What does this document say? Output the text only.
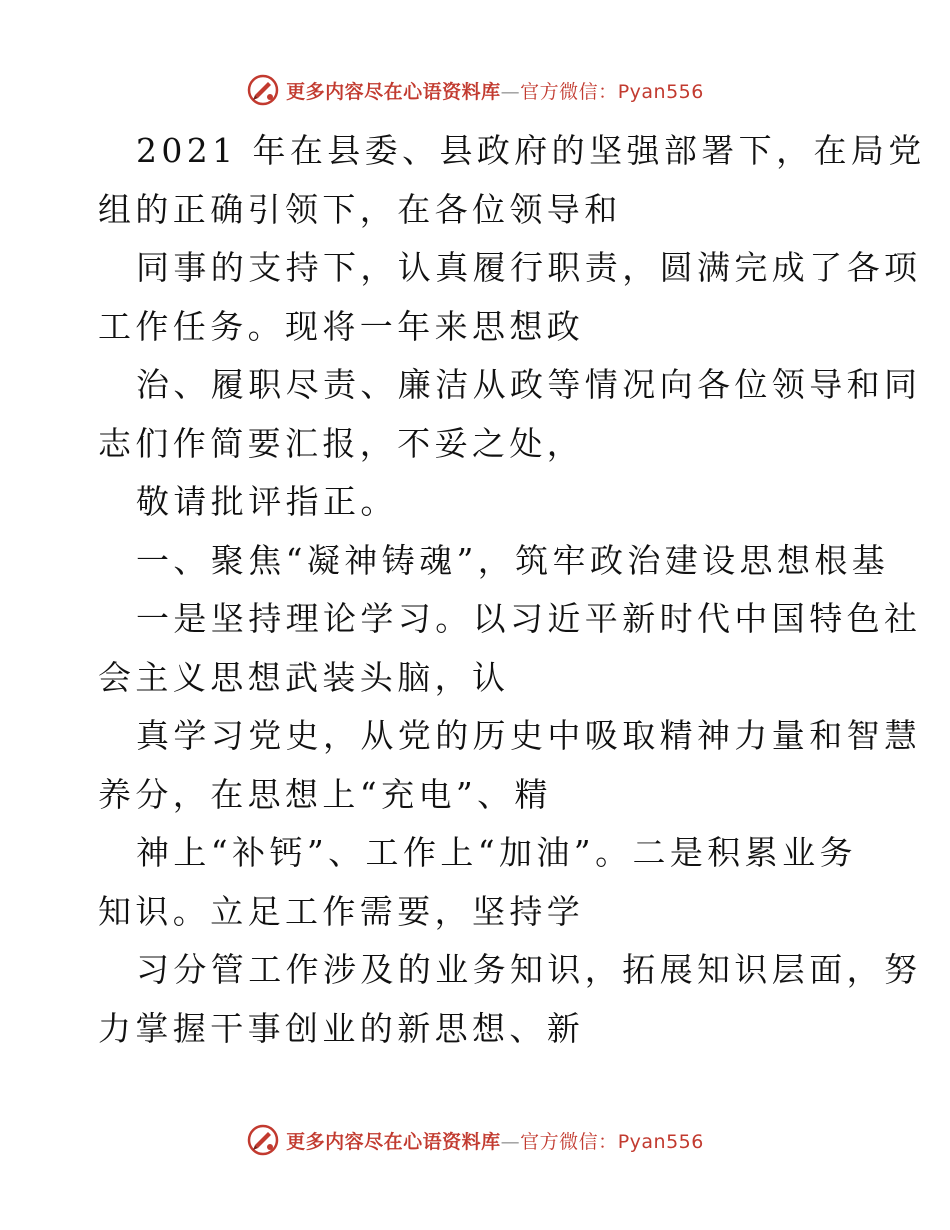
更多内容尽在心语资料库—官方微信：Pyan556
2021 年在县委、县政府的坚强部署下，在局党
组的正确引领下，在各位领导和
同事的支持下，认真履行职责，圆满完成了各项
工作任务。现将一年来思想政
治、履职尽责、廉洁从政等情况向各位领导和同
志们作简要汇报，不妥之处，
敬请批评指正。
一、聚焦“凝神铸魂”，筑牢政治建设思想根基
一是坚持理论学习。以习近平新时代中国特色社
会主义思想武装头脑，认
真学习党史，从党的历史中吸取精神力量和智慧
养分，在思想上“充电”、精
神上“补钙”、工作上“加油”。二是积累业务
知识。立足工作需要，坚持学
习分管工作涉及的业务知识，拓展知识层面，努
力掌握干事创业的新思想、新
更多内容尽在心语资料库—官方微信：Pyan556
